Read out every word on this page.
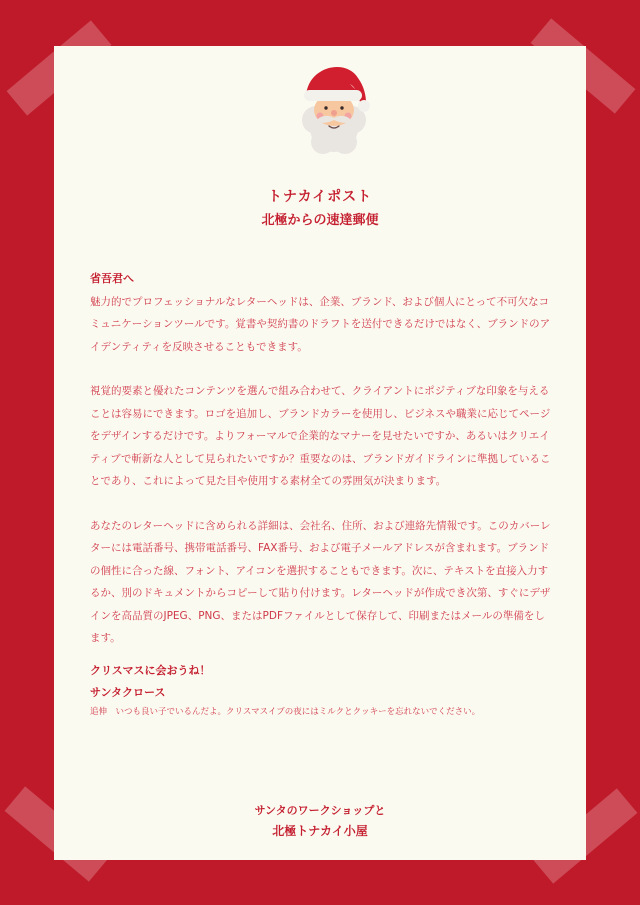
トナカイポスト
北極からの速達郵便

省吾君へ

魅力的でプロフェッショナルなレターヘッドは、企業、ブランド、および個人にとって不可欠なコミュニケーションツールです。覚書や契約書のドラフトを送付できるだけではなく、ブランドのアイデンティティを反映させることもできます。

視覚的要素と優れたコンテンツを選んで組み合わせて、クライアントにポジティブな印象を与えることは容易にできます。ロゴを追加し、ブランドカラーを使用し、ビジネスや職業に応じてページをデザインするだけです。よりフォーマルで企業的なマナーを見せたいですか、あるいはクリエイティブで斬新な人として見られたいですか？重要なのは、ブランドガイドラインに準拠していることであり、これによって見た目や使用する素材全ての雰囲気が決まります。

あなたのレターヘッドに含められる詳細は、会社名、住所、および連絡先情報です。このカバーレターには電話番号、携帯電話番号、FAX番号、および電子メールアドレスが含まれます。ブランドの個性に合った線、フォント、アイコンを選択することもできます。次に、テキストを直接入力するか、別のドキュメントからコピーして貼り付けます。レターヘッドが作成でき次第、すぐにデザインを高品質のJPEG、PNG、またはPDFファイルとして保存して、印刷またはメールの準備をします。

クリスマスに会おうね！
サンタクロース

追伸　いつも良い子でいるんだよ。クリスマスイブの夜にはミルクとクッキーを忘れないでください。

サンタのワークショップと
北極トナカイ小屋
